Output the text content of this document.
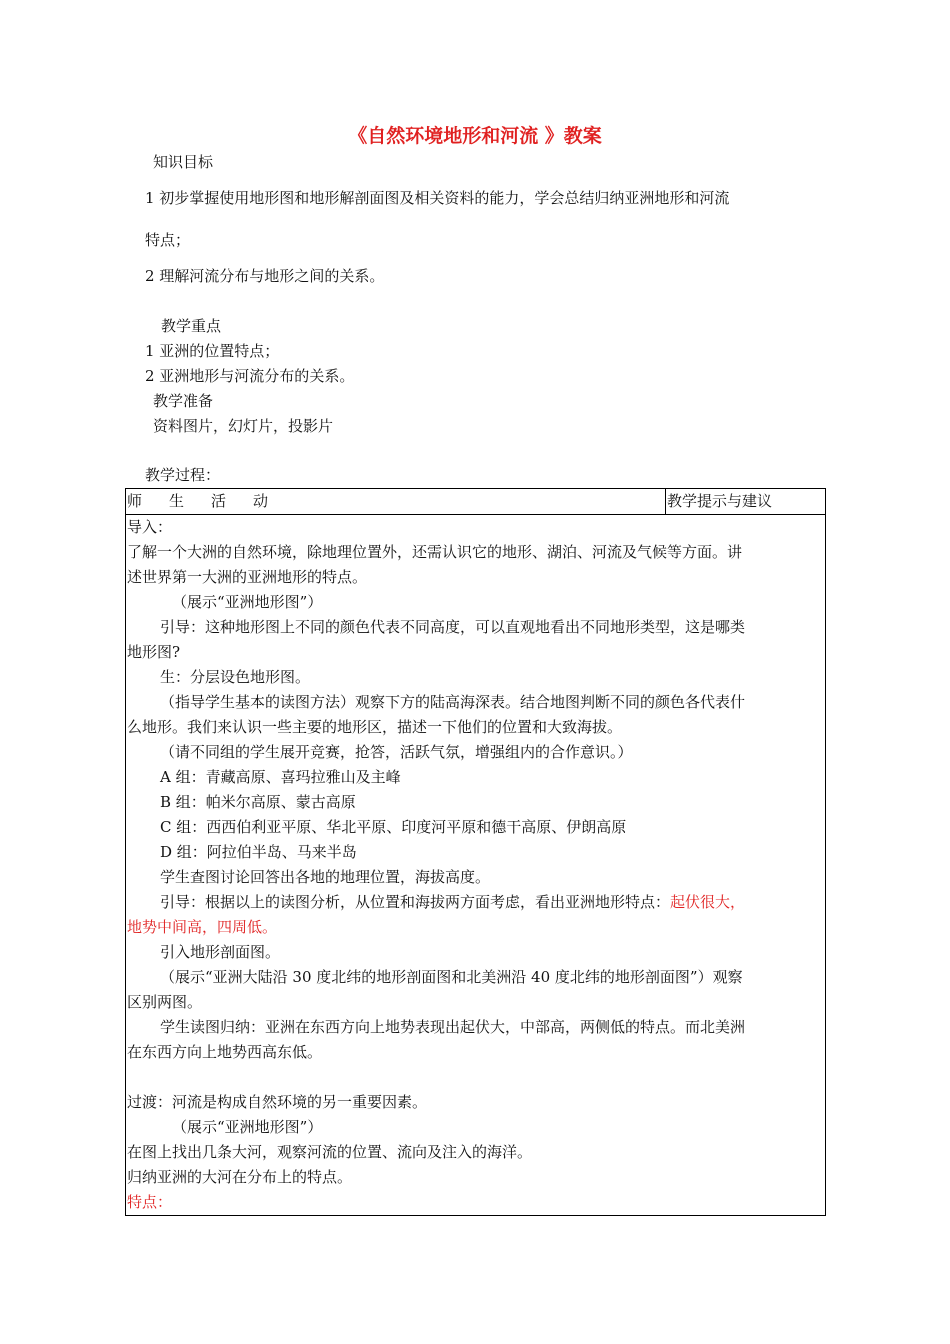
《自然环境地形和河流 》教案
知识目标
1 初步掌握使用地形图和地形解剖面图及相关资料的能力，学会总结归纳亚洲地形和河流
特点；
2 理解河流分布与地形之间的关系。
教学重点
1 亚洲的位置特点；
2 亚洲地形与河流分布的关系。
教学准备
资料图片，幻灯片，投影片
教学过程：
师 生 活 动	教学提示与建议

导入：
了解一个大洲的自然环境，除地理位置外，还需认识它的地形、湖泊、河流及气候等方面。讲
述世界第一大洲的亚洲地形的特点。
（展示“亚洲地形图”）
引导：这种地形图上不同的颜色代表不同高度，可以直观地看出不同地形类型，这是哪类
地形图?
生：分层设色地形图。
（指导学生基本的读图方法）观察下方的陆高海深表。结合地图判断不同的颜色各代表什
么地形。我们来认识一些主要的地形区，描述一下他们的位置和大致海拔。
（请不同组的学生展开竞赛，抢答，活跃气氛，增强组内的合作意识。）
A 组：青藏高原、喜玛拉雅山及主峰
B 组：帕米尔高原、蒙古高原
C 组：西西伯利亚平原、华北平原、印度河平原和德干高原、伊朗高原
D 组：阿拉伯半岛、马来半岛
学生查图讨论回答出各地的地理位置，海拔高度。
引导：根据以上的读图分析，从位置和海拔两方面考虑，看出亚洲地形特点：起伏很大，
地势中间高，四周低。
引入地形剖面图。
（展示“亚洲大陆沿 30 度北纬的地形剖面图和北美洲沿 40 度北纬的地形剖面图”）观察
区别两图。
学生读图归纳：亚洲在东西方向上地势表现出起伏大，中部高，两侧低的特点。而北美洲
在东西方向上地势西高东低。

过渡：河流是构成自然环境的另一重要因素。
（展示“亚洲地形图”）
在图上找出几条大河，观察河流的位置、流向及注入的海洋。
归纳亚洲的大河在分布上的特点。
特点：
